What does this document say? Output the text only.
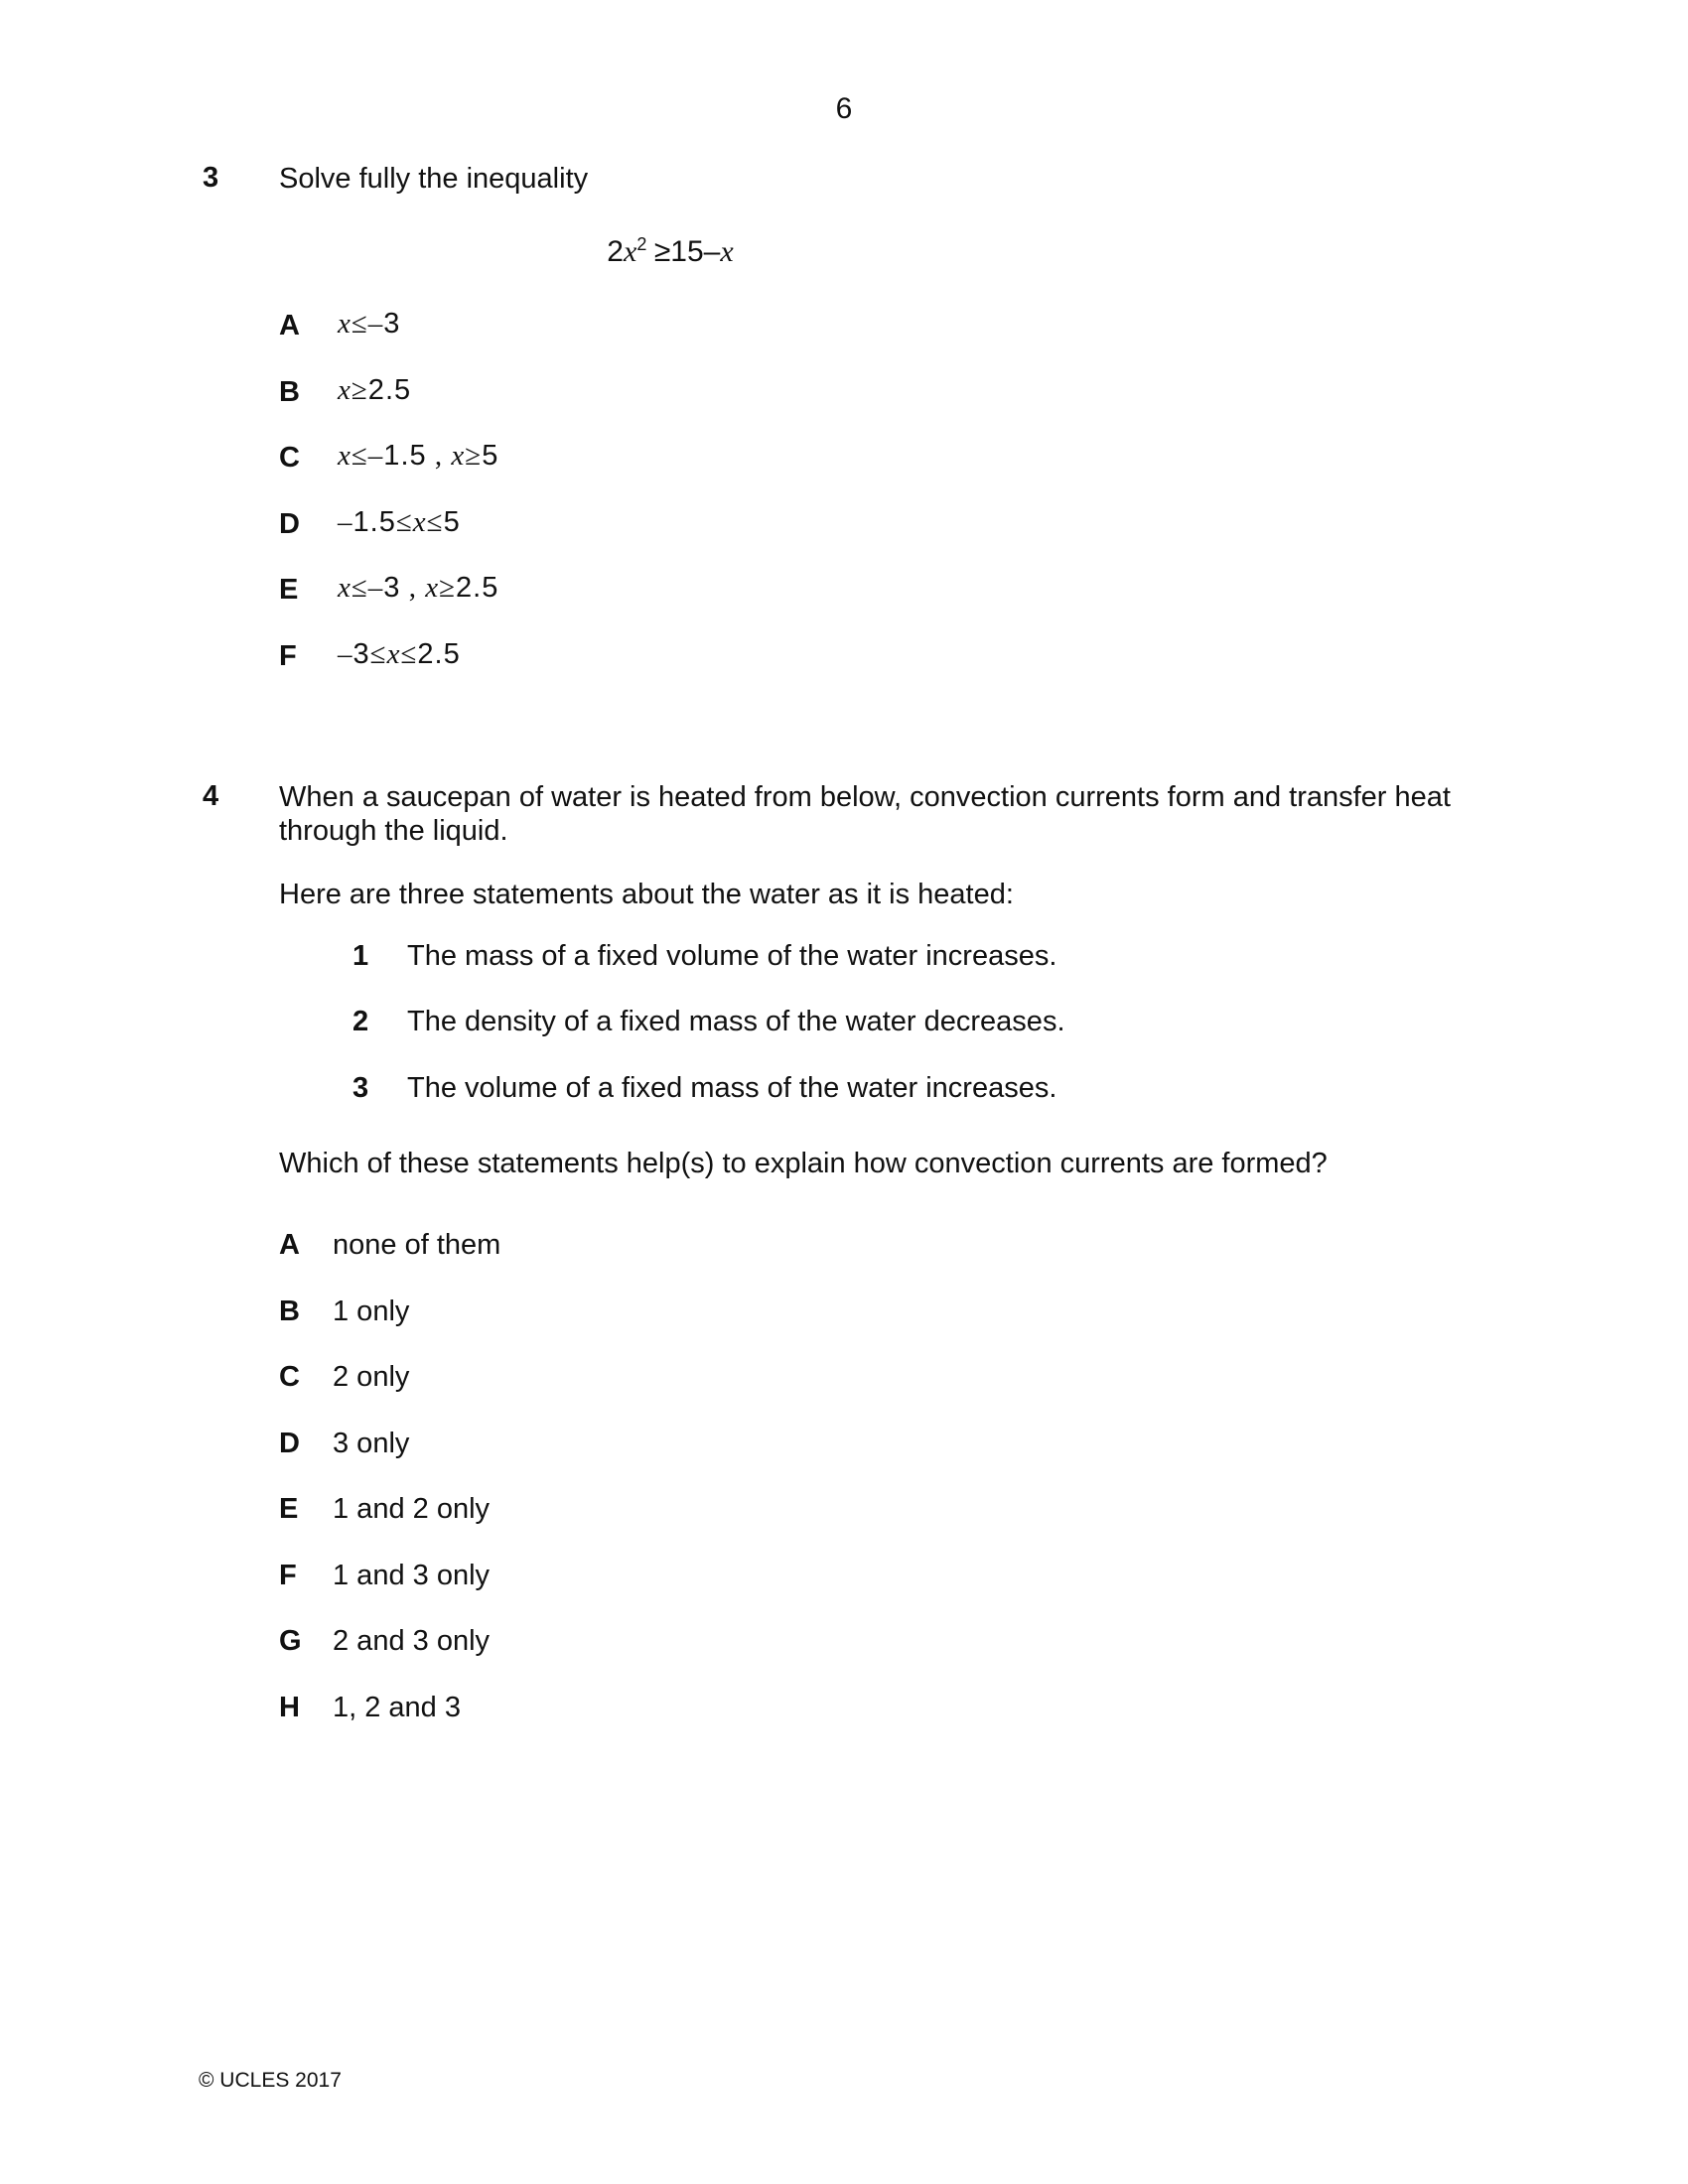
6
3 Solve fully the inequality
$2x^2 \ge 15-x$
A x≤–3
B x≥2.5
C x≤–1.5 , x≥5
D –1.5≤x≤5
E x≤–3 , x≥2.5
F –3≤x≤2.5
4 When a saucepan of water is heated from below, convection currents form and transfer heat
through the liquid.
Here are three statements about the water as it is heated:
1 The mass of a fixed volume of the water increases.
2 The density of a fixed mass of the water decreases.
3 The volume of a fixed mass of the water increases.
Which of these statements help(s) to explain how convection currents are formed?
A none of them
B 1 only
C 2 only
D 3 only
E 1 and 2 only
F 1 and 3 only
G 2 and 3 only
H 1, 2 and 3
© UCLES 2017
